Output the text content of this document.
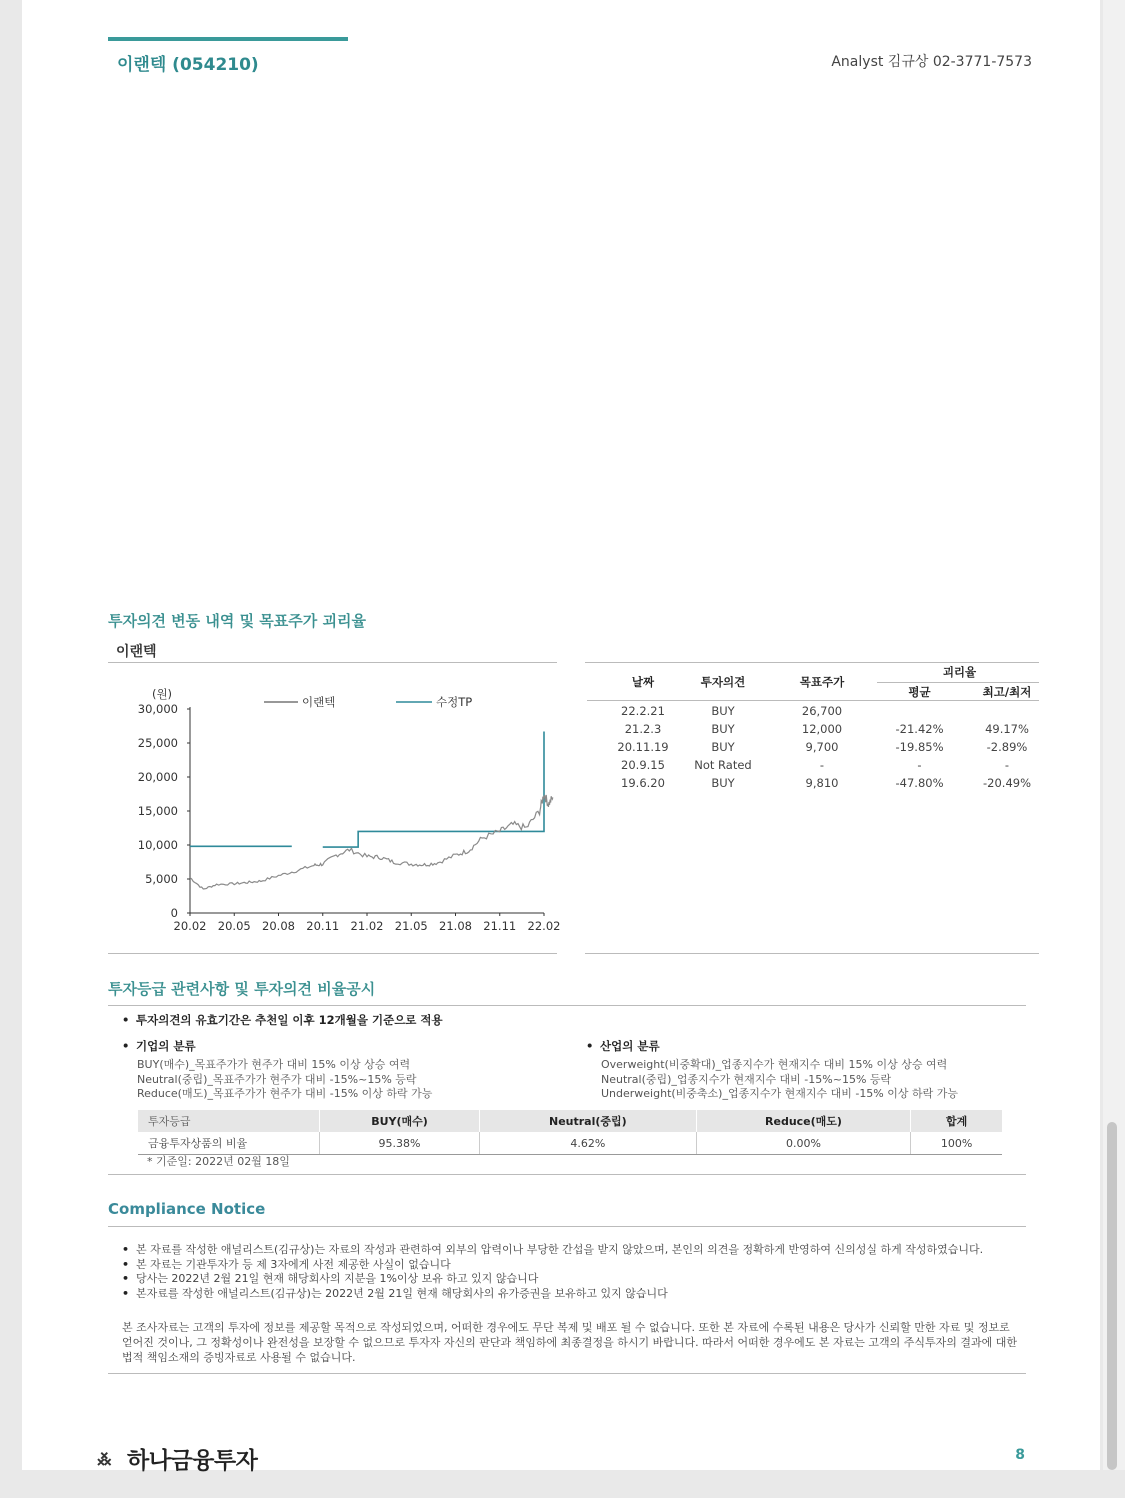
이랜텍 (054210)	Analyst 김규상 02-3771-7573
투자의견 변동 내역 및 목표주가 괴리율
이랜텍
30,000
25,000
20,000
15,000
10,000
5,000
0
(원)
20.02 20.05 20.08 20.11 21.02 21.05 21.08 21.11 22.02
이랜텍	수정TP
날짜	투자의견	목표주가
괴리율
평균	최고/최저
22.2.21	BUY	26,700
21.2.3	BUY	12,000	-21.42%	49.17%
20.11.19	BUY	9,700	-19.85%	-2.89%
20.9.15	Not Rated	-	-	-
19.6.20	BUY	9,810	-47.80%	-20.49%
투자등급 관련사항 및 투자의견 비율공시
• 투자의견의 유효기간은 추천일 이후 12개월을 기준으로 적용
• 기업의 분류
BUY(매수)_목표주가가 현주가 대비 15% 이상 상승 여력
Neutral(중립)_목표주가가 현주가 대비 -15%~15% 등락
Reduce(매도)_목표주가가 현주가 대비 -15% 이상 하락 가능
• 산업의 분류
Overweight(비중확대)_업종지수가 현재지수 대비 15% 이상 상승 여력
Neutral(중립)_업종지수가 현재지수 대비 -15%~15% 등락
Underweight(비중축소)_업종지수가 현재지수 대비 -15% 이상 하락 가능
투자등급	BUY(매수)	Neutral(중립)	Reduce(매도)	합계
금융투자상품의 비율	95.38%	4.62%	0.00%	100%
* 기준일: 2022년 02월 18일
Compliance Notice
• 본 자료를 작성한 애널리스트(김규상)는 자료의 작성과 관련하여 외부의 압력이나 부당한 간섭을 받지 않았으며, 본인의 의견을 정확하게 반영하여 신의성실 하게 작성하였습니다.
• 본 자료는 기관투자가 등 제 3자에게 사전 제공한 사실이 없습니다
• 당사는 2022년 2월 21일 현재 해당회사의 지분을 1%이상 보유 하고 있지 않습니다
• 본자료를 작성한 애널리스트(김규상)는 2022년 2월 21일 현재 해당회사의 유가증권을 보유하고 있지 않습니다
본 조사자료는 고객의 투자에 정보를 제공할 목적으로 작성되었으며, 어떠한 경우에도 무단 복제 및 배포 될 수 없습니다. 또한 본 자료에 수록된 내용은 당사가 신뢰할 만한 자료 및 정보로 얻어진 것이나, 그 정확성이나 완전성을 보장할 수 없으므로 투자자 자신의 판단과 책임하에 최종결정을 하시기 바랍니다. 따라서 어떠한 경우에도 본 자료는 고객의 주식투자의 결과에 대한 법적 책임소재의 증빙자료로 사용될 수 없습니다.
࿏ 하나금융투자	8
